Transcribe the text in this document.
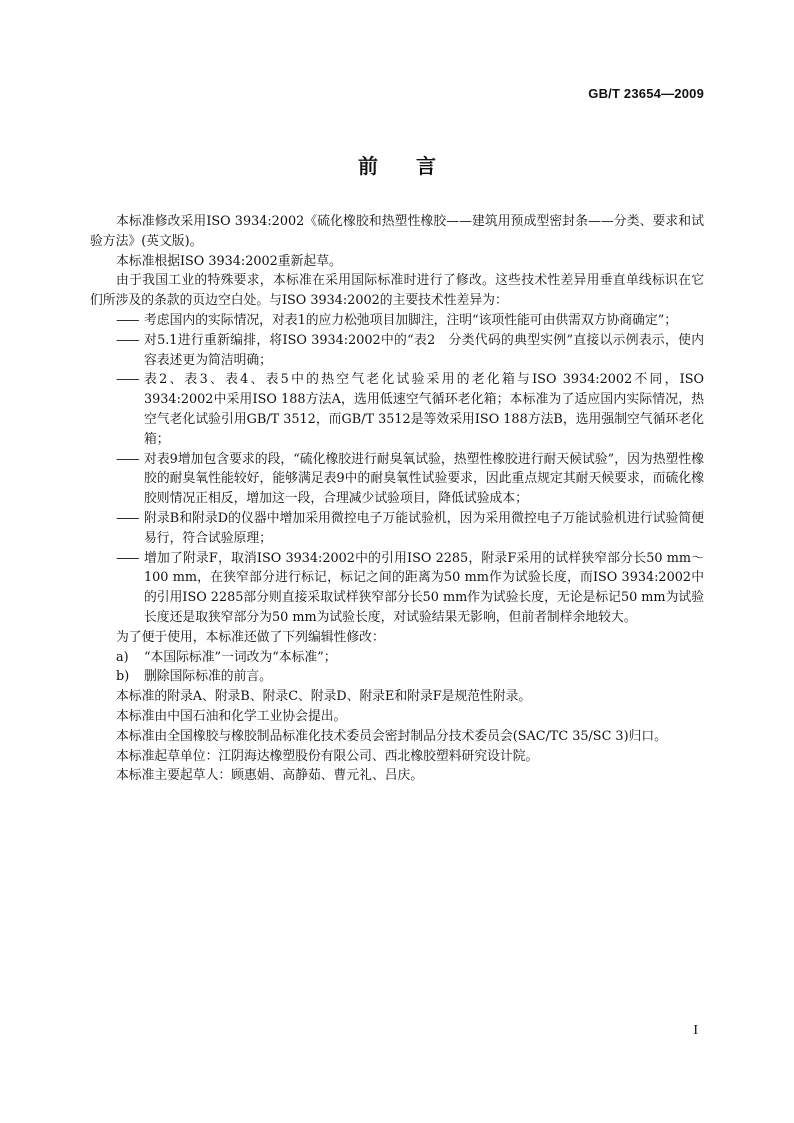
GB/T 23654—2009
前言

本标准修改采用ISO 3934:2002《硫化橡胶和热塑性橡胶——建筑用预成型密封条——分类、要求和试验方法》(英文版)。

本标准根据ISO 3934:2002重新起草。

由于我国工业的特殊要求，本标准在采用国际标准时进行了修改。这些技术性差异用垂直单线标识在它们所涉及的条款的页边空白处。与ISO 3934:2002的主要技术性差异为：

—— 考虑国内的实际情况，对表1的应力松弛项目加脚注，注明“该项性能可由供需双方协商确定”；

—— 对5.1进行重新编排，将ISO 3934:2002中的“表2　分类代码的典型实例”直接以示例表示，使内容表述更为简洁明确；

—— 表2、表3、表4、表5中的热空气老化试验采用的老化箱与ISO 3934:2002不同，ISO 3934:2002中采用ISO 188方法A，选用低速空气循环老化箱；本标准为了适应国内实际情况，热空气老化试验引用GB/T 3512，而GB/T 3512是等效采用ISO 188方法B，选用强制空气循环老化箱；

—— 对表9增加包含要求的段，“硫化橡胶进行耐臭氧试验，热塑性橡胶进行耐天候试验”，因为热塑性橡胶的耐臭氧性能较好，能够满足表9中的耐臭氧性试验要求，因此重点规定其耐天候要求，而硫化橡胶则情况正相反，增加这一段，合理减少试验项目，降低试验成本；

—— 附录B和附录D的仪器中增加采用微控电子万能试验机，因为采用微控电子万能试验机进行试验简便易行，符合试验原理；

—— 增加了附录F，取消ISO 3934:2002中的引用ISO 2285，附录F采用的试样狭窄部分长50 mm～100 mm，在狭窄部分进行标记，标记之间的距离为50 mm作为试验长度，而ISO 3934:2002中的引用ISO 2285部分则直接采取试样狭窄部分长50 mm作为试验长度，无论是标记50 mm为试验长度还是取狭窄部分为50 mm为试验长度，对试验结果无影响，但前者制样余地较大。

为了便于使用，本标准还做了下列编辑性修改：

a) “本国际标准”一词改为“本标准”；

b) 删除国际标准的前言。

本标准的附录A、附录B、附录C、附录D、附录E和附录F是规范性附录。

本标准由中国石油和化学工业协会提出。

本标准由全国橡胶与橡胶制品标准化技术委员会密封制品分技术委员会(SAC/TC 35/SC 3)归口。

本标准起草单位：江阴海达橡塑股份有限公司、西北橡胶塑料研究设计院。

本标准主要起草人：顾惠娟、高静茹、曹元礼、吕庆。

I
